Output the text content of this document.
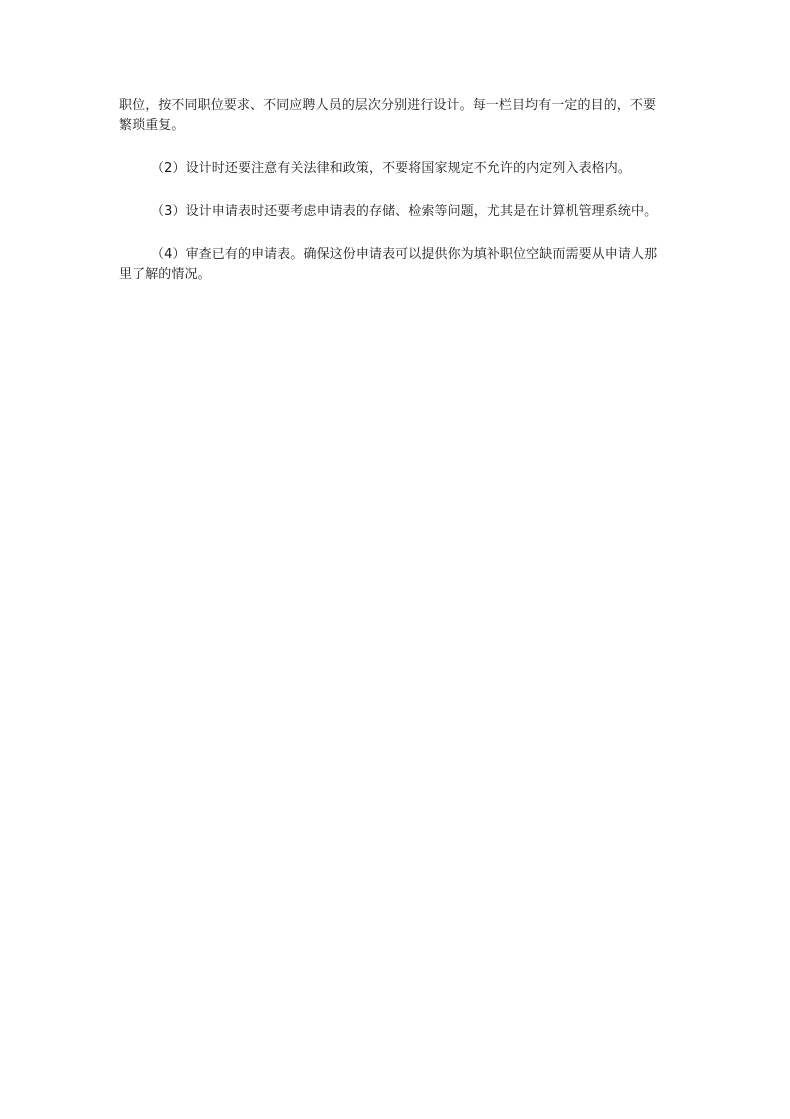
职位，按不同职位要求、不同应聘人员的层次分别进行设计。每一栏目均有一定的目的，不要繁琐重复。

（2）设计时还要注意有关法律和政策，不要将国家规定不允许的内定列入表格内。

（3）设计申请表时还要考虑申请表的存储、检索等问题，尤其是在计算机管理系统中。

（4）审查已有的申请表。确保这份申请表可以提供你为填补职位空缺而需要从申请人那里了解的情况。
